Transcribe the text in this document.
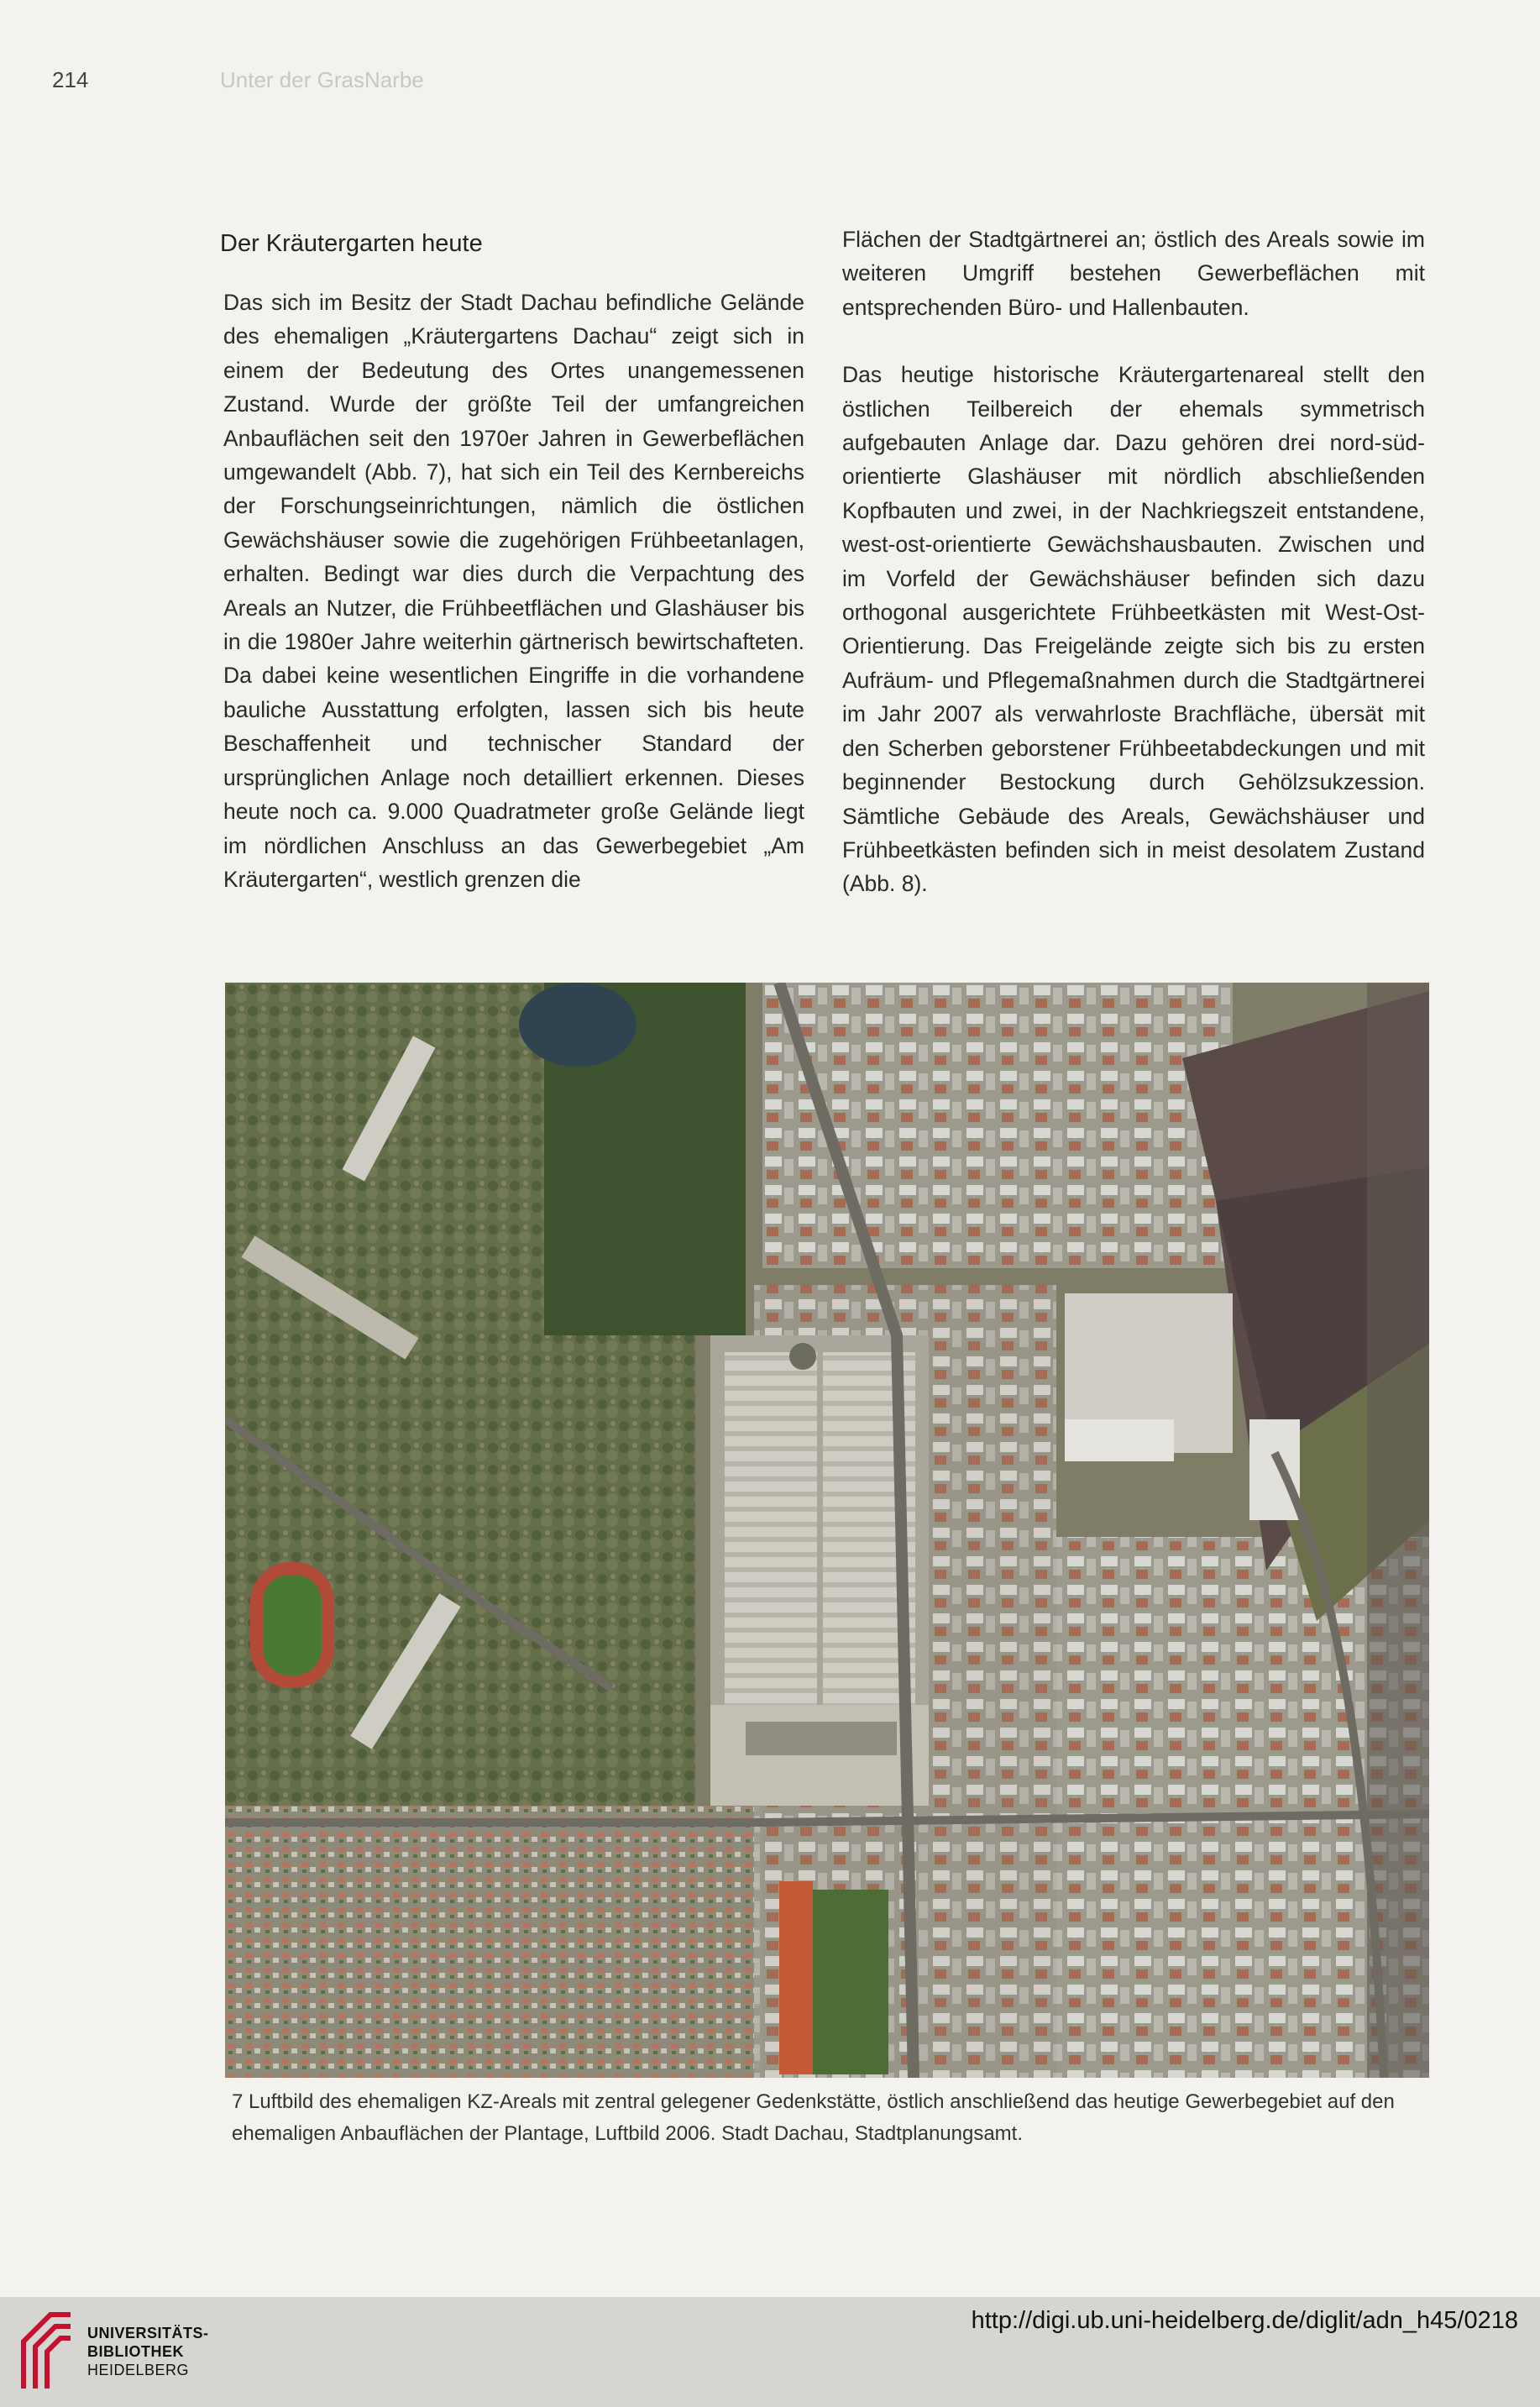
214	Unter der GrasNarbe
Der Kräutergarten heute

Das sich im Besitz der Stadt Dachau befindliche Gelände des ehemaligen „Kräutergartens Dachau“ zeigt sich in einem der Bedeutung des Ortes unangemessenen Zustand. Wurde der größte Teil der umfangreichen Anbauflächen seit den 1970er Jahren in Gewerbeflächen umgewandelt (Abb. 7), hat sich ein Teil des Kernbereichs der Forschungseinrichtungen, nämlich die östlichen Gewächshäuser sowie die zugehörigen Frühbeetanlagen, erhalten. Bedingt war dies durch die Verpachtung des Areals an Nutzer, die Frühbeetflächen und Glashäuser bis in die 1980er Jahre weiterhin gärtnerisch bewirtschafteten. Da dabei keine wesentlichen Eingriffe in die vorhandene bauliche Ausstattung erfolgten, lassen sich bis heute Beschaffenheit und technischer Standard der ursprünglichen Anlage noch detailliert erkennen. Dieses heute noch ca. 9.000 Quadratmeter große Gelände liegt im nördlichen Anschluss an das Gewerbegebiet „Am Kräutergarten“, westlich grenzen die

Flächen der Stadtgärtnerei an; östlich des Areals sowie im weiteren Umgriff bestehen Gewerbeflächen mit entsprechenden Büro- und Hallenbauten.

Das heutige historische Kräutergartenareal stellt den östlichen Teilbereich der ehemals symmetrisch aufgebauten Anlage dar. Dazu gehören drei nord-süd-orientierte Glashäuser mit nördlich abschließenden Kopfbauten und zwei, in der Nachkriegszeit entstandene, west-ost-orientierte Gewächshausbauten. Zwischen und im Vorfeld der Gewächshäuser befinden sich dazu orthogonal ausgerichtete Frühbeetkästen mit West-Ost-Orientierung. Das Freigelände zeigte sich bis zu ersten Aufräum- und Pflegemaßnahmen durch die Stadtgärtnerei im Jahr 2007 als verwahrloste Brachfläche, übersät mit den Scherben geborstener Frühbeetabdeckungen und mit beginnender Bestockung durch Gehölzsukzession. Sämtliche Gebäude des Areals, Gewächshäuser und Frühbeetkästen befinden sich in meist desolatem Zustand (Abb. 8).

7 Luftbild des ehemaligen KZ-Areals mit zentral gelegener Gedenkstätte, östlich anschließend das heutige Gewerbegebiet auf den ehemaligen Anbauflächen der Plantage, Luftbild 2006. Stadt Dachau, Stadtplanungsamt.
UNIVERSITÄTS-
BIBLIOTHEK
HEIDELBERG
http://digi.ub.uni-heidelberg.de/diglit/adn_h45/0218
